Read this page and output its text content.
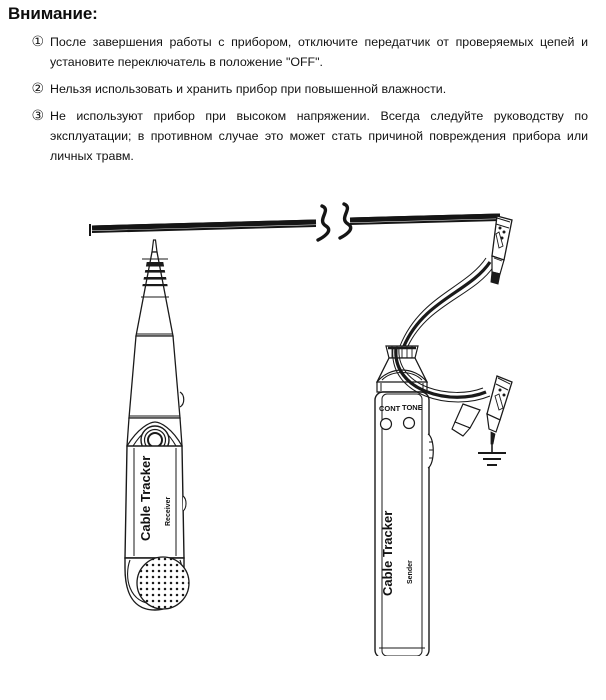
Внимание:
① После завершения работы с прибором, отключите передатчик от проверяемых цепей и установите переключатель в положение "OFF".
② Нельзя использовать и хранить прибор при повышенной влажности.
③ Не используют прибор при высоком напряжении. Всегда следуйте руководству по эксплуатации; в противном случае это может стать причиной повреждения прибора или личных травм.
Cable Tracker Receiver
CONT TONE
Cable Tracker Sender
